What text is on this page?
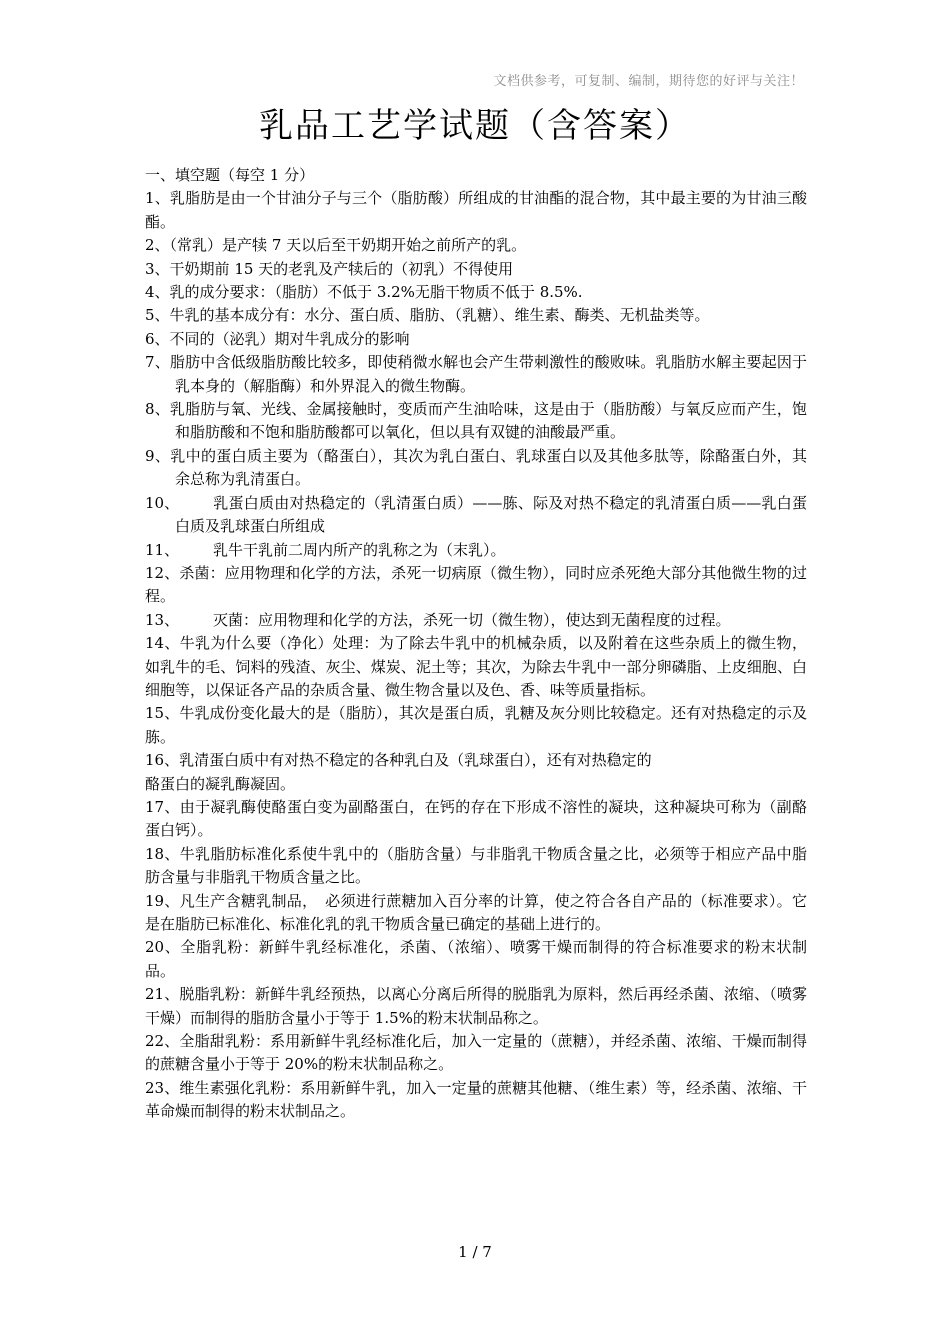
文档供参考，可复制、编制，期待您的好评与关注！
乳品工艺学试题（含答案）

一、填空题（每空 1 分）

1、乳脂肪是由一个甘油分子与三个（脂肪酸）所组成的甘油酯的混合物，其中最主要的为甘油三酸酯。

2、（常乳）是产犊 7 天以后至干奶期开始之前所产的乳。

3、干奶期前 15 天的老乳及产犊后的（初乳）不得使用

4、乳的成分要求：（脂肪）不低于 3.2%无脂干物质不低于 8.5%.

5、牛乳的基本成分有：水分、蛋白质、脂肪、（乳糖）、维生素、酶类、无机盐类等。

6、不同的（泌乳）期对牛乳成分的影响

7、脂肪中含低级脂肪酸比较多，即使稍微水解也会产生带刺激性的酸败味。乳脂肪水解主要起因于乳本身的（解脂酶）和外界混入的微生物酶。

8、乳脂肪与氧、光线、金属接触时，变质而产生油哈味，这是由于（脂肪酸）与氧反应而产生，饱和脂肪酸和不饱和脂肪酸都可以氧化，但以具有双键的油酸最严重。

9、乳中的蛋白质主要为（酪蛋白），其次为乳白蛋白、乳球蛋白以及其他多肽等，除酪蛋白外，其余总称为乳清蛋白。

10、 乳蛋白质由对热稳定的（乳清蛋白质）——胨、际及对热不稳定的乳清蛋白质——乳白蛋白质及乳球蛋白所组成

11、 乳牛干乳前二周内所产的乳称之为（末乳）。

12、杀菌：应用物理和化学的方法，杀死一切病原（微生物），同时应杀死绝大部分其他微生物的过程。

13、 灭菌：应用物理和化学的方法，杀死一切（微生物），使达到无菌程度的过程。

14、牛乳为什么要（净化）处理：为了除去牛乳中的机械杂质，以及附着在这些杂质上的微生物，如乳牛的毛、饲料的残渣、灰尘、煤炭、泥土等；其次，为除去牛乳中一部分卵磷脂、上皮细胞、白细胞等，以保证各产品的杂质含量、微生物含量以及色、香、味等质量指标。

15、牛乳成份变化最大的是（脂肪），其次是蛋白质，乳糖及灰分则比较稳定。还有对热稳定的示及胨。

16、乳清蛋白质中有对热不稳定的各种乳白及（乳球蛋白），还有对热稳定的

酪蛋白的凝乳酶凝固。

17、由于凝乳酶使酪蛋白变为副酪蛋白，在钙的存在下形成不溶性的凝块，这种凝块可称为（副酪蛋白钙）。

18、牛乳脂肪标准化系使牛乳中的（脂肪含量）与非脂乳干物质含量之比，必须等于相应产品中脂肪含量与非脂乳干物质含量之比。

19、凡生产含糖乳制品，　必须进行蔗糖加入百分率的计算，使之符合各自产品的（标准要求）。它是在脂肪已标准化、标准化乳的乳干物质含量已确定的基础上进行的。

20、全脂乳粉：新鲜牛乳经标准化，杀菌、（浓缩）、喷雾干燥而制得的符合标准要求的粉末状制品。

21、脱脂乳粉：新鲜牛乳经预热，以离心分离后所得的脱脂乳为原料，然后再经杀菌、浓缩、（喷雾干燥）而制得的脂肪含量小于等于 1.5%的粉末状制品称之。

22、全脂甜乳粉：系用新鲜牛乳经标准化后，加入一定量的（蔗糖），并经杀菌、浓缩、干燥而制得的蔗糖含量小于等于 20%的粉末状制品称之。

23、维生素强化乳粉：系用新鲜牛乳，加入一定量的蔗糖其他糖、（维生素）等，经杀菌、浓缩、干革命燥而制得的粉末状制品之。

1 / 7
